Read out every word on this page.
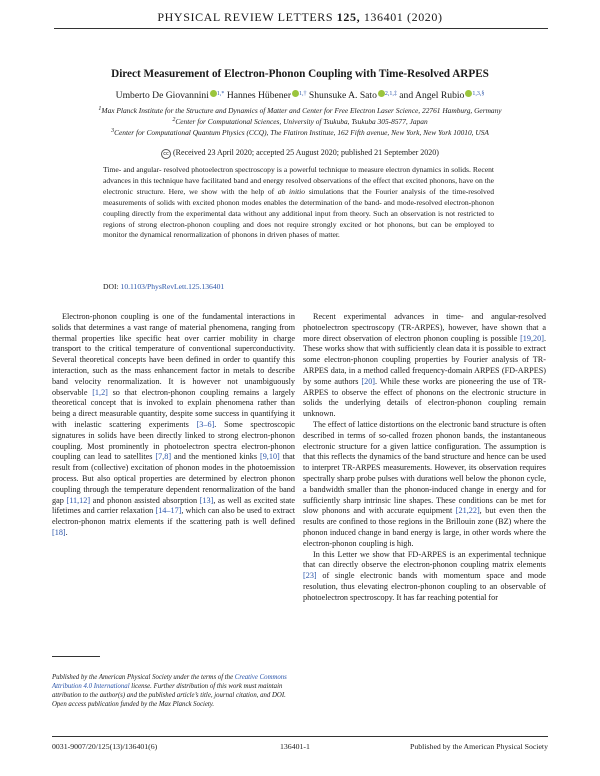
PHYSICAL REVIEW LETTERS 125, 136401 (2020)
Direct Measurement of Electron-Phonon Coupling with Time-Resolved ARPES
Umberto De Giovannini $^{1,*}$ Hannes Hübener $^{1,\dagger}$ Shunsuke A. Sato $^{2,1,\ddagger}$ and Angel Rubio $^{1,3,\S}$
$^1$Max Planck Institute for the Structure and Dynamics of Matter and Center for Free Electron Laser Science, 22761 Hamburg, Germany
$^2$Center for Computational Sciences, University of Tsukuba, Tsukuba 305-8577, Japan
$^3$Center for Computational Quantum Physics (CCQ), The Flatiron Institute, 162 Fifth avenue, New York, New York 10010, USA
cc (Received 23 April 2020; accepted 25 August 2020; published 21 September 2020)

Time- and angular- resolved photoelectron spectroscopy is a powerful technique to measure electron dynamics in solids. Recent advances in this technique have facilitated band and energy resolved observations of the effect that excited phonons, have on the electronic structure. Here, we show with the help of ab initio simulations that the Fourier analysis of the time-resolved measurements of solids with excited phonon modes enables the determination of the band- and mode-resolved electron-phonon coupling directly from the experimental data without any additional input from theory. Such an observation is not restricted to regions of strong electron-phonon coupling and does not require strongly excited or hot phonons, but can be employed to monitor the dynamical renormalization of phonons in driven phases of matter.

DOI: 10.1103/PhysRevLett.125.136401

Electron-phonon coupling is one of the fundamental interactions in solids that determines a vast range of material phenomena, ranging from thermal properties like specific heat over carrier mobility in charge transport to the critical temperature of conventional superconductivity. Several theoretical concepts have been defined in order to quantify this interaction, such as the mass enhancement factor in metals to describe band velocity renormalization. It is however not unambiguously observable [1,2] so that electron-phonon coupling remains a largely theoretical concept that is invoked to explain phenomena rather than being a direct measurable quantity, despite some success in quantifying it with inelastic scattering experiments [3–6]. Some spectroscopic signatures in solids have been directly linked to strong electron-phonon coupling. Most prominently in photoelectron spectra electron-phonon coupling can lead to satellites [7,8] and the mentioned kinks [9,10] that result from (collective) excitation of phonon modes in the photoemission process. But also optical properties are determined by electron phonon coupling through the temperature dependent renormalization of the band gap [11,12] and phonon assisted absorption [13], as well as excited state lifetimes and carrier relaxation [14–17], which can also be used to extract electron-phonon matrix elements if the scattering path is well defined [18].

Published by the American Physical Society under the terms of the Creative Commons Attribution 4.0 International license. Further distribution of this work must maintain attribution to the author(s) and the published article’s title, journal citation, and DOI. Open access publication funded by the Max Planck Society.

Recent experimental advances in time- and angular-resolved photoelectron spectroscopy (TR-ARPES), however, have shown that a more direct observation of electron phonon coupling is possible [19,20]. These works show that with sufficiently clean data it is possible to extract some electron-phonon coupling properties by Fourier analysis of TR-ARPES data, in a method called frequency-domain ARPES (FD-ARPES) by some authors [20]. While these works are pioneering the use of TR-ARPES to observe the effect of phonons on the electronic structure in solids the underlying details of electron-phonon coupling remain unknown.

The effect of lattice distortions on the electronic band structure is often described in terms of so-called frozen phonon bands, the instantaneous electronic structure for a given lattice configuration. The assumption is that this reflects the dynamics of the band structure and hence can be used to interpret TR-ARPES measurements. However, its observation requires spectrally sharp probe pulses with durations well below the phonon cycle, a bandwidth smaller than the phonon-induced change in energy and for sufficiently sharp intrinsic line shapes. These conditions can be met for slow phonons and with accurate equipment [21,22], but even then the results are confined to those regions in the Brillouin zone (BZ) where the phonon induced change in band energy is large, in other words where the electron-phonon coupling is high.

In this Letter we show that FD-ARPES is an experimental technique that can directly observe the electron-phonon coupling matrix elements [23] of single electronic bands with momentum space and mode resolution, thus elevating electron-phonon coupling to an observable of photoelectron spectroscopy. It has far reaching potential for

0031-9007/20/125(13)/136401(6)	136401-1	Published by the American Physical Society
